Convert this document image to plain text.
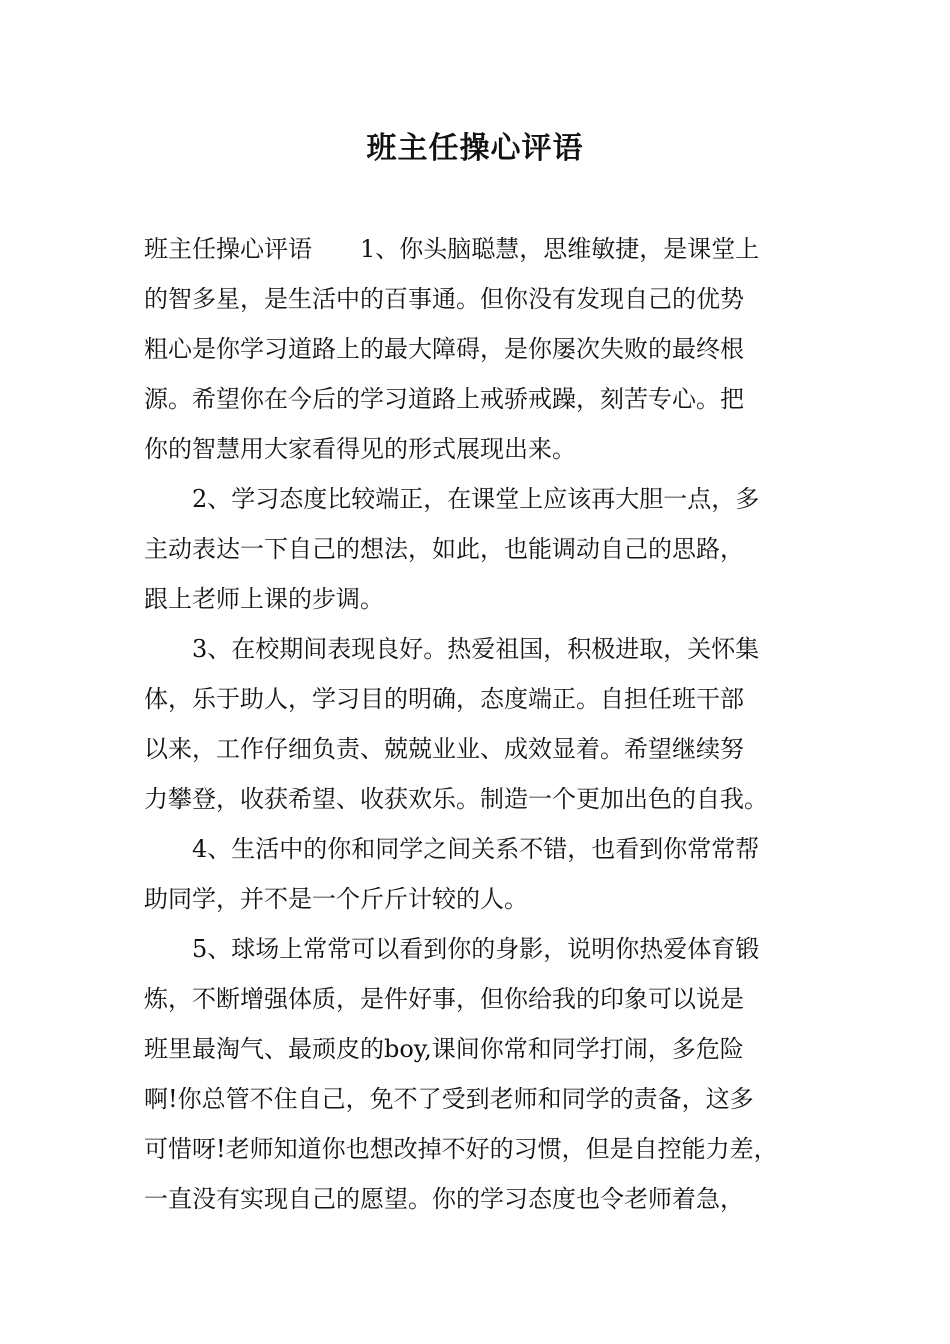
班主任操心评语
班主任操心评语 1、你头脑聪慧，思维敏捷，是课堂上
的智多星，是生活中的百事通。但你没有发现自己的优势
粗心是你学习道路上的最大障碍，是你屡次失败的最终根
源。希望你在今后的学习道路上戒骄戒躁，刻苦专心。把
你的智慧用大家看得见的形式展现出来。
2、学习态度比较端正，在课堂上应该再大胆一点，多
主动表达一下自己的想法，如此，也能调动自己的思路，
跟上老师上课的步调。
3、在校期间表现良好。热爱祖国，积极进取，关怀集
体，乐于助人，学习目的明确，态度端正。自担任班干部
以来，工作仔细负责、兢兢业业、成效显着。希望继续努
力攀登，收获希望、收获欢乐。制造一个更加出色的自我。
4、生活中的你和同学之间关系不错，也看到你常常帮
助同学，并不是一个斤斤计较的人。
5、球场上常常可以看到你的身影，说明你热爱体育锻
炼，不断增强体质，是件好事，但你给我的印象可以说是
班里最淘气、最顽皮的boy,课间你常和同学打闹，多危险
啊!你总管不住自己，免不了受到老师和同学的责备，这多
可惜呀!老师知道你也想改掉不好的习惯，但是自控能力差，
一直没有实现自己的愿望。你的学习态度也令老师着急，
